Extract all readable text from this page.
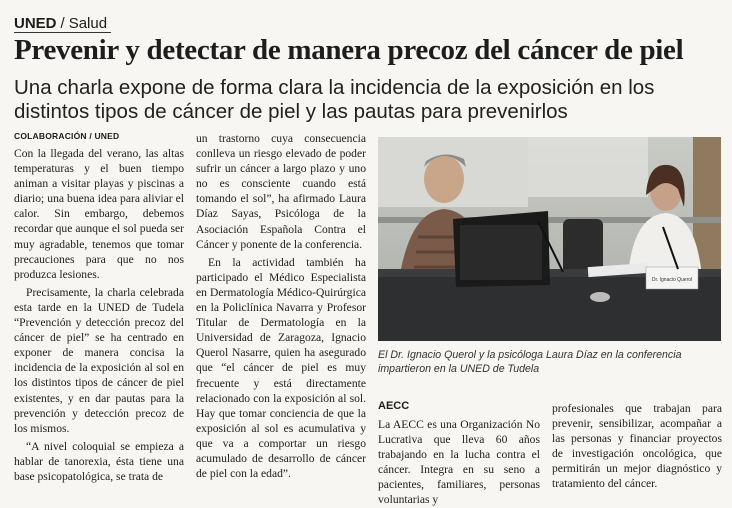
UNED / Salud
Prevenir y detectar de manera precoz del cáncer de piel

Una charla expone de forma clara la incidencia de la exposición en los distintos tipos de cáncer de piel y las pautas para prevenirlos

COLABORACIÓN / UNED

Con la llegada del verano, las altas temperaturas y el buen tiempo animan a visitar playas y piscinas a diario; una buena idea para aliviar el calor. Sin embargo, debemos recordar que aunque el sol pueda ser muy agradable, tenemos que tomar precauciones para que no nos produzca lesiones.

Precisamente, la charla celebrada esta tarde en la UNED de Tudela “Prevención y detección precoz del cáncer de piel” se ha centrado en exponer de manera concisa la incidencia de la exposición al sol en los distintos tipos de cáncer de piel existentes, y en dar pautas para la prevención y detección precoz de los mismos.

“A nivel coloquial se empieza a hablar de tanorexia, ésta tiene una base psicopatológica, se trata de

un trastorno cuya consecuencia conlleva un riesgo elevado de poder sufrir un cáncer a largo plazo y uno no es consciente cuando está tomando el sol”, ha afirmado Laura Díaz Sayas, Psicóloga de la Asociación Española Contra el Cáncer y ponente de la conferencia.

En la actividad también ha participado el Médico Especialista en Dermatología Médico-Quirúrgica en la Policlínica Navarra y Profesor Titular de Dermatología en la Universidad de Zaragoza, Ignacio Querol Nasarre, quien ha asegurado que “el cáncer de piel es muy frecuente y está directamente relacionado con la exposición al sol. Hay que tomar conciencia de que la exposición al sol es acumulativa y que va a comportar un riesgo acumulado de desarrollo de cáncer de piel con la edad”.

Dr. Ignacio Querol
El Dr. Ignacio Querol y la psicóloga Laura Díaz en la conferencia impartieron en la UNED de Tudela
AECC

La AECC es una Organización No Lucrativa que lleva 60 años trabajando en la lucha contra el cáncer. Integra en su seno a pacientes, familiares, personas voluntarias y

profesionales que trabajan para prevenir, sensibilizar, acompañar a las personas y financiar proyectos de investigación oncológica, que permitirán un mejor diagnóstico y tratamiento del cáncer.
